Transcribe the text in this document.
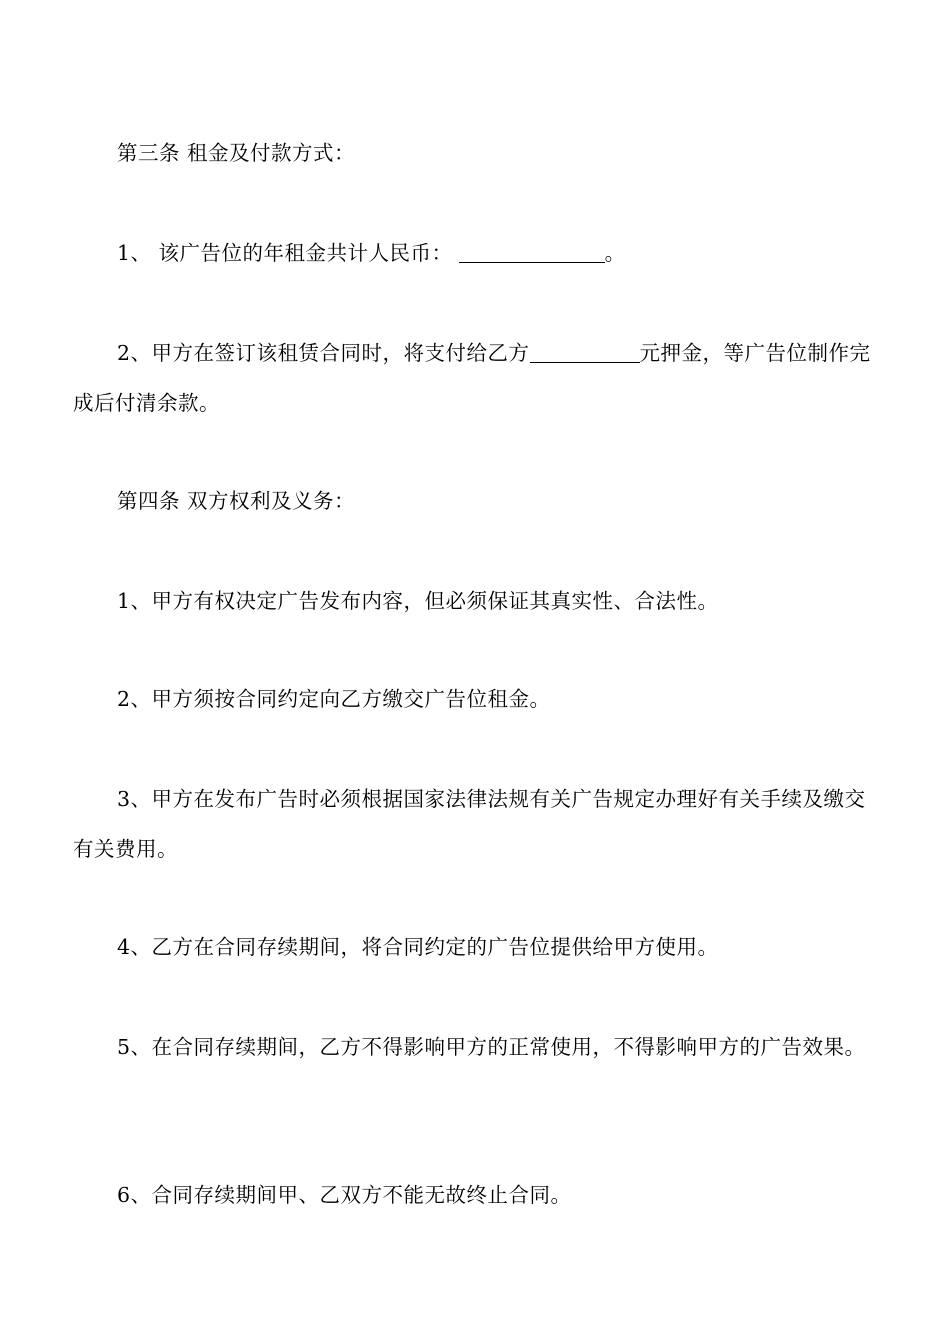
第三条 租金及付款方式：

1、 该广告位的年租金共计人民币：	。

2、甲方在签订该租赁合同时，将支付给乙方	元押金，等广告位制作完成后付清余款。

第四条 双方权利及义务：

1、甲方有权决定广告发布内容，但必须保证其真实性、合法性。

2、甲方须按合同约定向乙方缴交广告位租金。

3、甲方在发布广告时必须根据国家法律法规有关广告规定办理好有关手续及缴交有关费用。

4、乙方在合同存续期间，将合同约定的广告位提供给甲方使用。

5、在合同存续期间，乙方不得影响甲方的正常使用，不得影响甲方的广告效果。

6、合同存续期间甲、乙双方不能无故终止合同。
